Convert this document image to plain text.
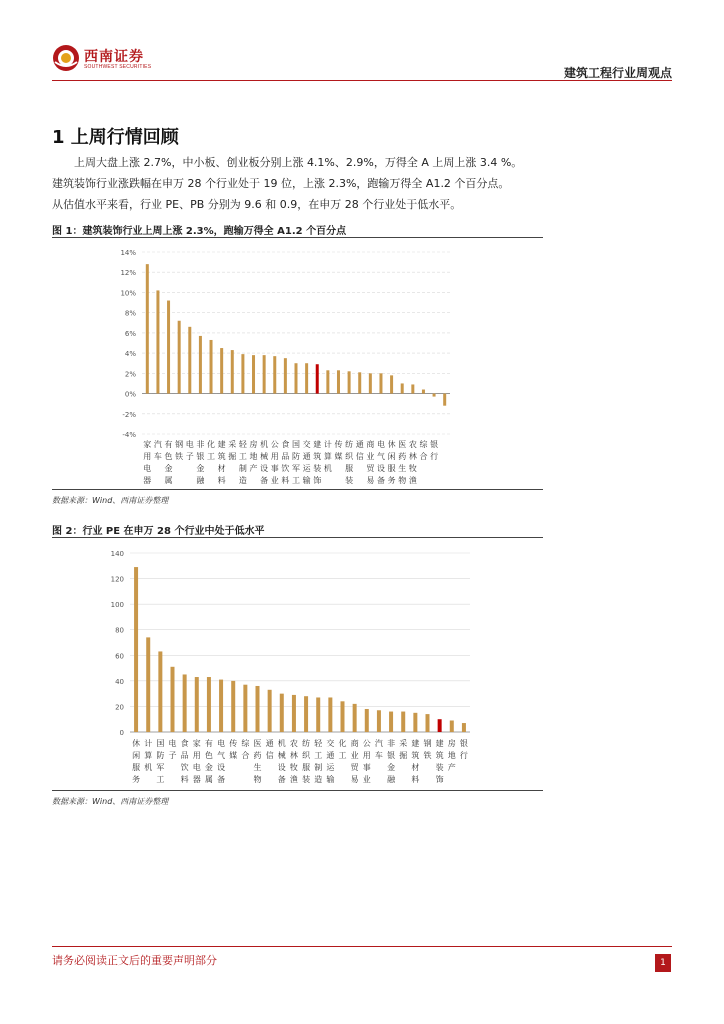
西南证券
SOUTHWEST SECURITIES	建筑工程行业周观点
1 上周行情回顾
上周大盘上涨 2.7%，中小板、创业板分别上涨 4.1%、2.9%，万得全 A 上周上涨 3.4 %。
建筑装饰行业涨跌幅在申万 28 个行业处于 19 位，上涨 2.3%，跑输万得全 A1.2 个百分点。
从估值水平来看，行业 PE、PB 分别为 9.6 和 0.9，在申万 28 个行业处于低水平。
图 1：建筑装饰行业上周上涨 2.3%，跑输万得全 A1.2 个百分点
-4%
-2%
0%
2%
4%
6%
8%
10%
12%
14%
家
用
电
器
汽
车
有
色
金
属
钢
铁
电
子
非
银
金
融
化
工
建
筑
材
料
采
掘
轻
工
制
造
房
地
产
机
械
设
备
公
用
事
业
食
品
饮
料
国
防
军
工
交
通
运
输
建
筑
装
饰
计
算
机
传
媒
纺
织
服
装
通
信
商
业
贸
易
电
气
设
备
休
闲
服
务
医
药
生
物
农
林
牧
渔
综
合
银
行
数据来源：Wind、西南证券整理
图 2：行业 PE 在申万 28 个行业中处于低水平
0
20
40
60
80
100
120
140
休
闲
服
务
计
算
机
国
防
军
工
电
子
食
品
饮
料
家
用
电
器
有
色
金
属
电
气
设
备
传
媒
综
合
医
药
生
物
通
信
机
械
设
备
农
林
牧
渔
纺
织
服
装
轻
工
制
造
交
通
运
输
化
工
商
业
贸
易
公
用
事
业
汽
车
非
银
金
融
采
掘
建
筑
材
料
钢
铁
建
筑
装
饰
房
地
产
银
行
数据来源：Wind、西南证券整理
请务必阅读正文后的重要声明部分	1
